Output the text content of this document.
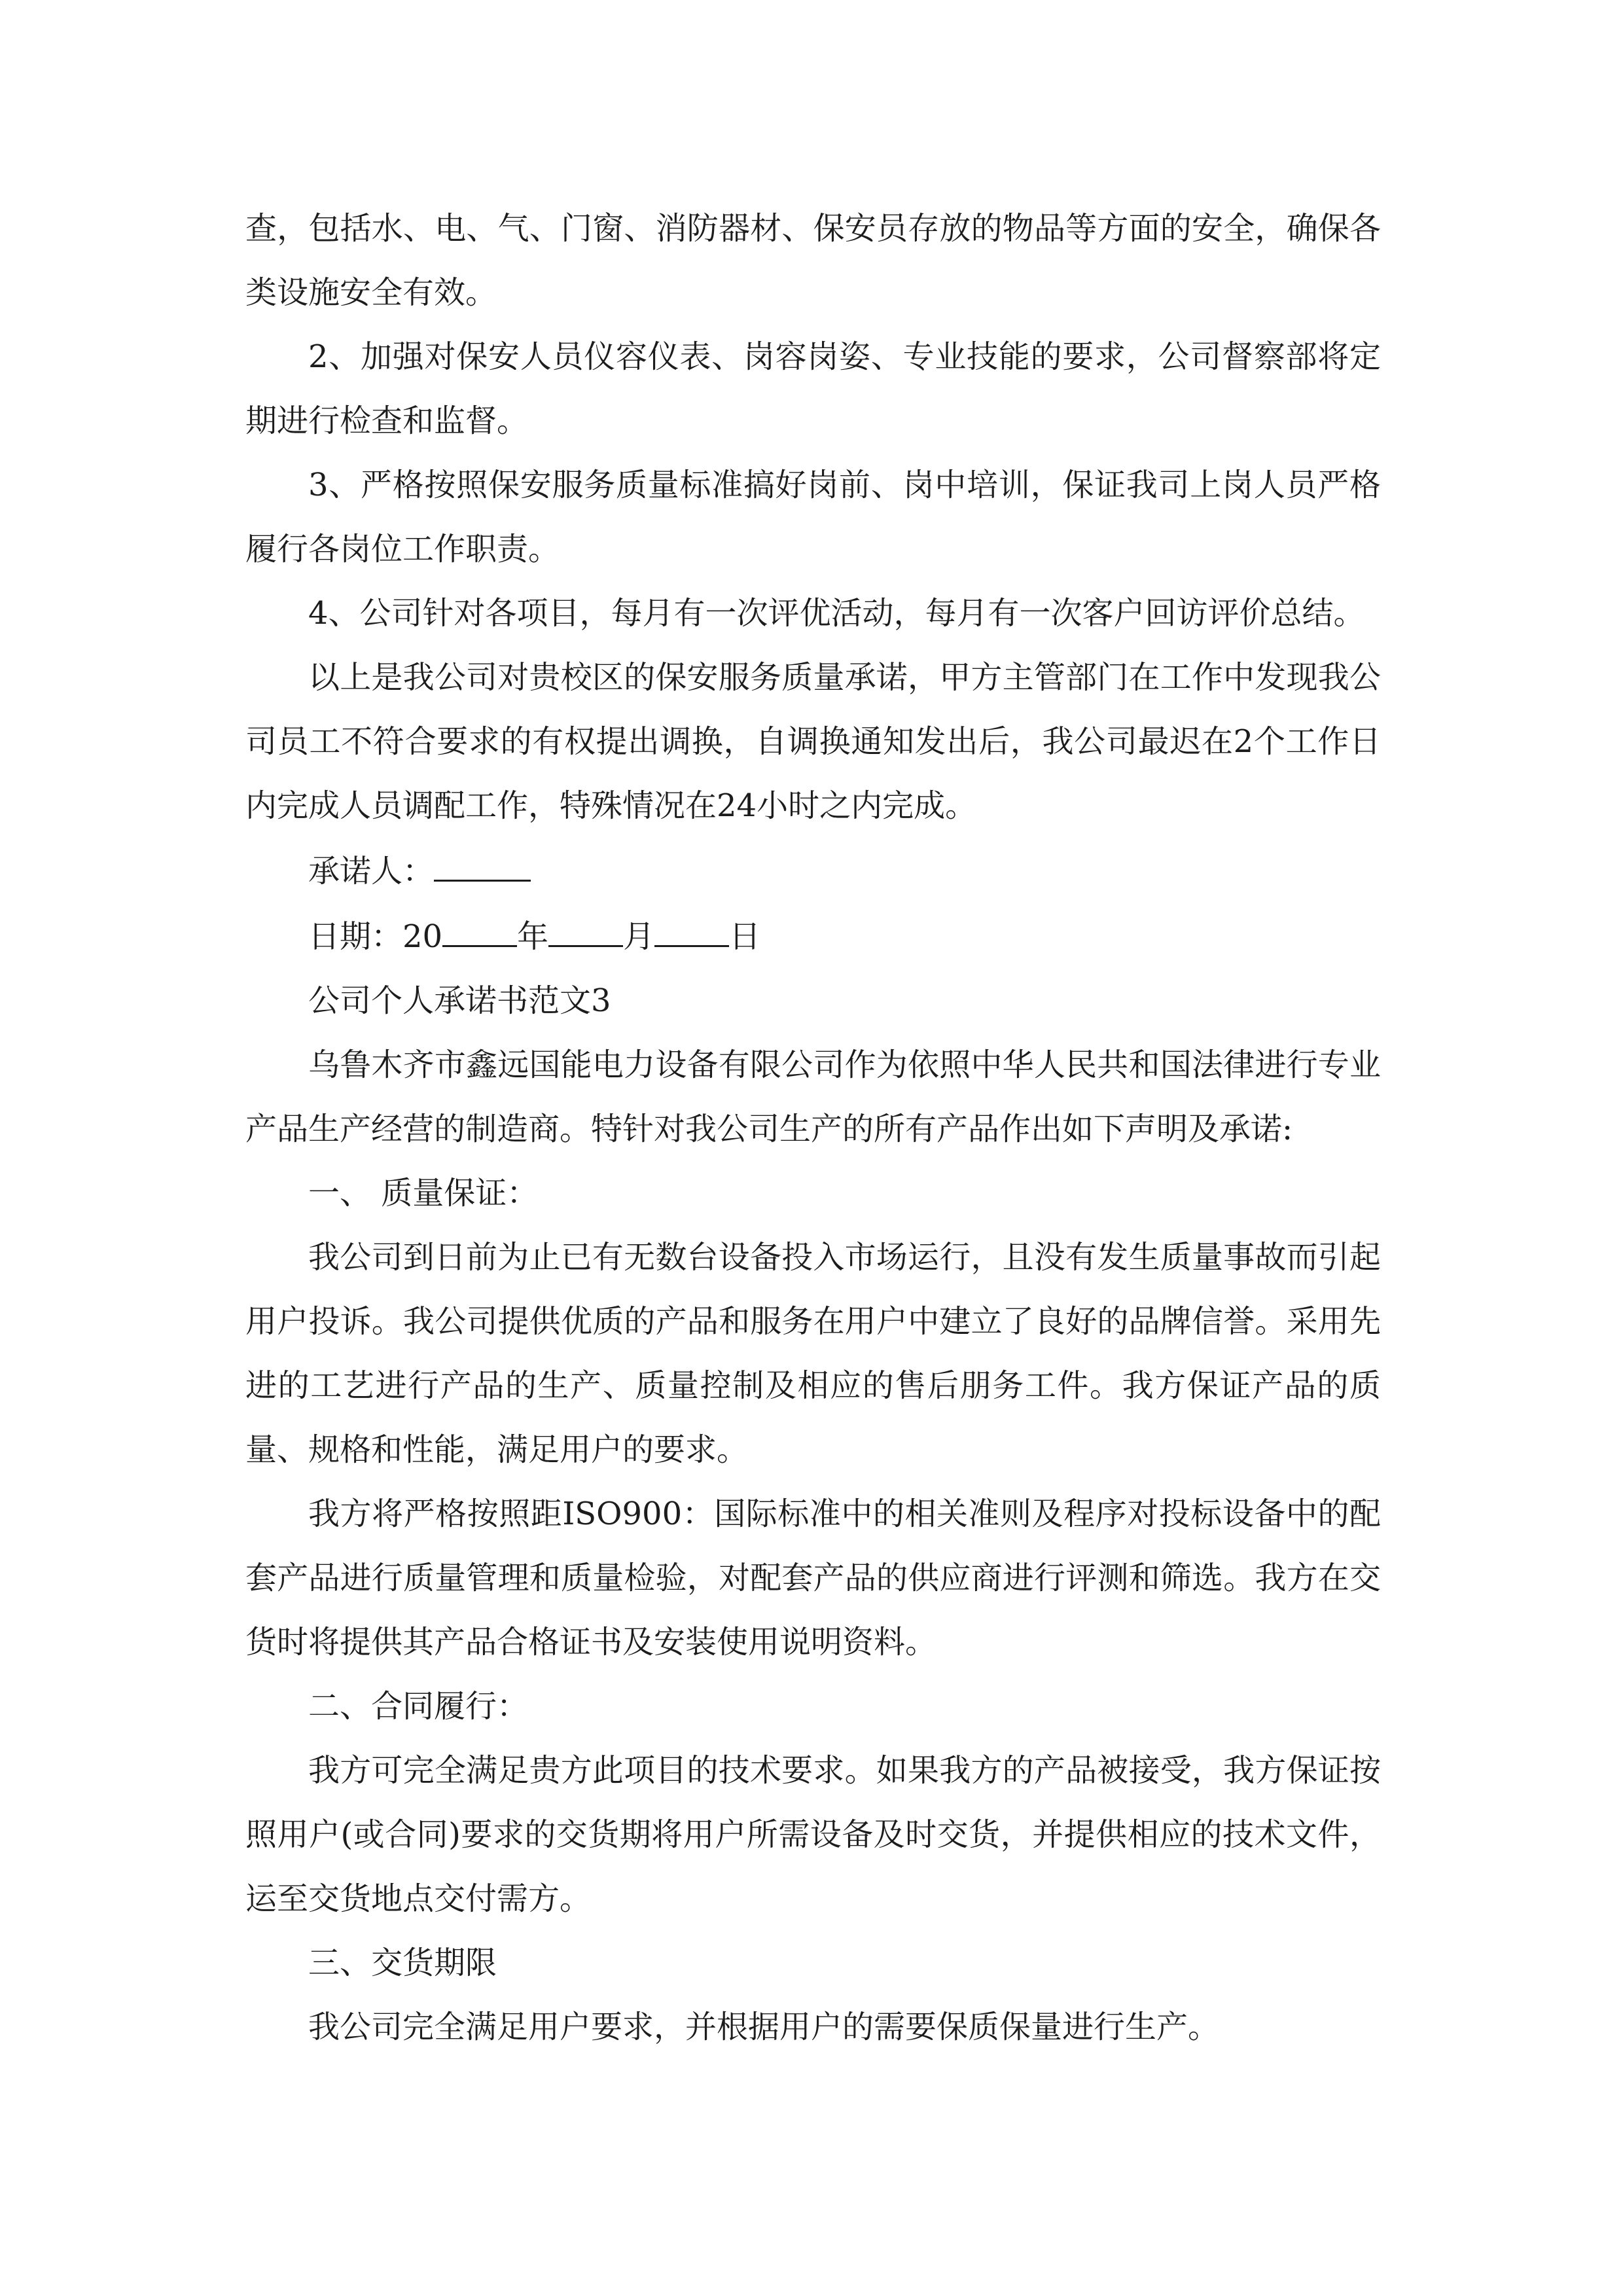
查，包括水、电、气、门窗、消防器材、保安员存放的物品等方面的安全，确保各类设施安全有效。

2、加强对保安人员仪容仪表、岗容岗姿、专业技能的要求，公司督察部将定期进行检查和监督。

3、严格按照保安服务质量标准搞好岗前、岗中培训，保证我司上岗人员严格履行各岗位工作职责。

4、公司针对各项目，每月有一次评优活动，每月有一次客户回访评价总结。

以上是我公司对贵校区的保安服务质量承诺，甲方主管部门在工作中发现我公司员工不符合要求的有权提出调换，自调换通知发出后，我公司最迟在2个工作日内完成人员调配工作，特殊情况在24小时之内完成。

承诺人：

日期：20 年 月 日

公司个人承诺书范文3

乌鲁木齐市鑫远国能电力设备有限公司作为依照中华人民共和国法律进行专业产品生产经营的制造商。特针对我公司生产的所有产品作出如下声明及承诺:

一、 质量保证：

我公司到日前为止已有无数台设备投入市场运行，且没有发生质量事故而引起用户投诉。我公司提供优质的产品和服务在用户中建立了良好的品牌信誉。采用先进的工艺进行产品的生产、质量控制及相应的售后朋务工件。我方保证产品的质量、规格和性能，满足用户的要求。

我方将严格按照距ISO900：国际标准中的相关准则及程序对投标设备中的配套产品进行质量管理和质量检验，对配套产品的供应商进行评测和筛选。我方在交货时将提供其产品合格证书及安装使用说明资料。

二、合同履行：

我方可完全满足贵方此项目的技术要求。如果我方的产品被接受，我方保证按照用户(或合同)要求的交货期将用户所需设备及时交货，并提供相应的技术文件，运至交货地点交付需方。

三、交货期限

我公司完全满足用户要求，并根据用户的需要保质保量进行生产。
